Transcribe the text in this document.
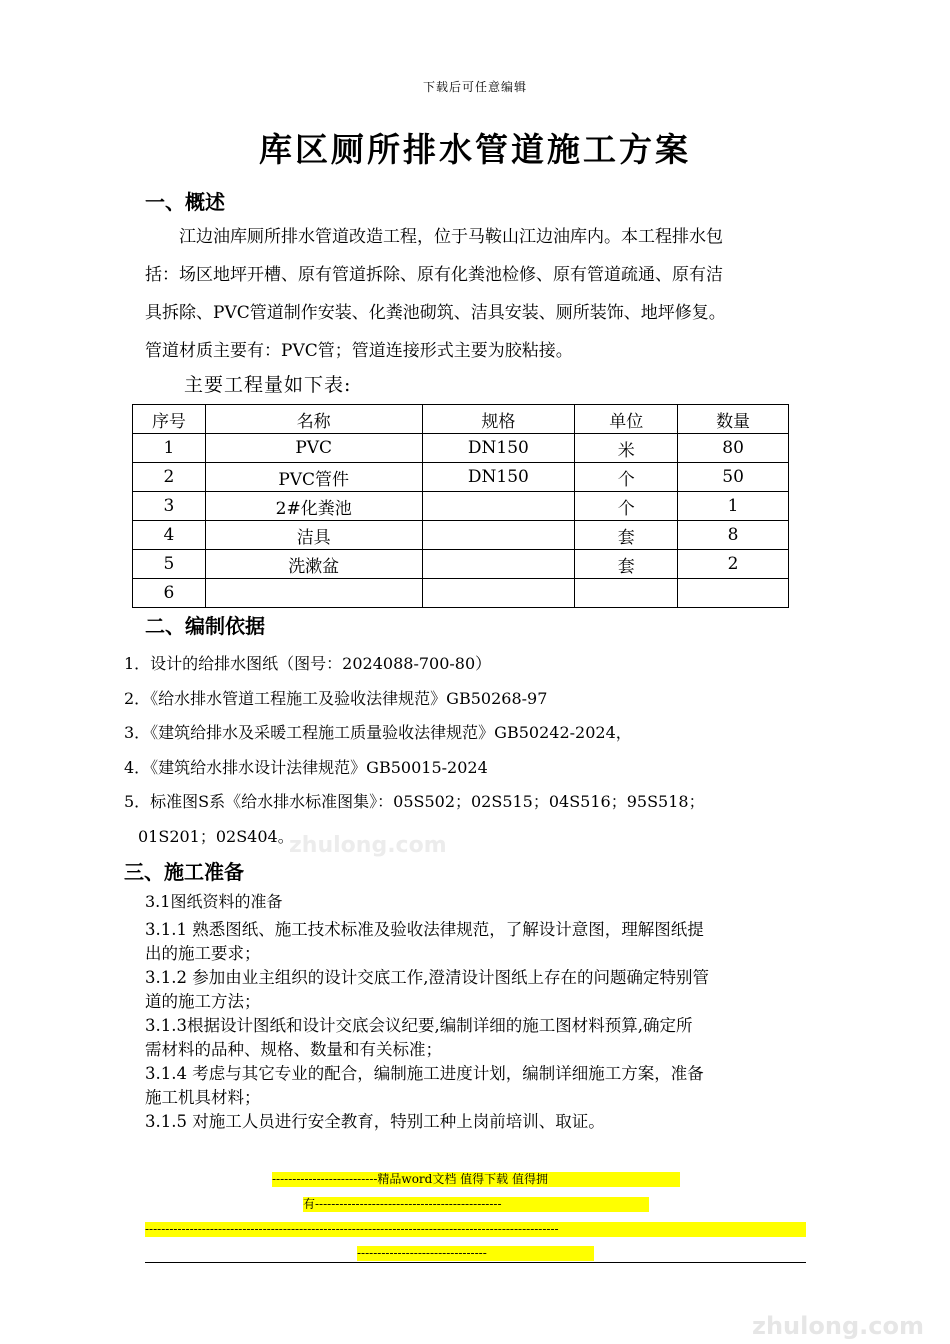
下载后可任意编辑
库区厕所排水管道施工方案
一、概述
江边油库厕所排水管道改造工程，位于马鞍山江边油库内。本工程排水包
括：场区地坪开槽、原有管道拆除、原有化粪池检修、原有管道疏通、原有洁
具拆除、PVC管道制作安装、化粪池砌筑、洁具安装、厕所装饰、地坪修复。
管道材质主要有：PVC管；管道连接形式主要为胶粘接。
主要工程量如下表:
序号	名称	规格	单位	数量
1	PVC	DN150	米	80
2	PVC管件	DN150	个	50
3	2#化粪池		个	1
4	洁具		套	8
5	洗漱盆		套	2
6				
二、编制依据
1．设计的给排水图纸（图号：2024088-700-80）
2．《给水排水管道工程施工及验收法律规范》GB50268-97
3．《建筑给排水及采暖工程施工质量验收法律规范》GB50242-2024，
4．《建筑给水排水设计法律规范》GB50015-2024
5．标准图S系《给水排水标准图集》：05S502；02S515；04S516；95S518；
01S201；02S404。
zhulong.com
三、施工准备
3.1图纸资料的准备
3.1.1 熟悉图纸、施工技术标准及验收法律规范，了解设计意图，理解图纸提
出的施工要求；
3.1.2 参加由业主组织的设计交底工作,澄清设计图纸上存在的问题确定特别管
道的施工方法；
3.1.3根据设计图纸和设计交底会议纪要,编制详细的施工图材料预算,确定所
需材料的品种、规格、数量和有关标准；
3.1.4 考虑与其它专业的配合，编制施工进度计划，编制详细施工方案，准备
施工机具材料；
3.1.5 对施工人员进行安全教育，特别工种上岗前培训、取证。
--------------------------精品word文档 值得下载 值得拥
有----------------------------------------------
------------------------------------------------------------------------------------------------------
--------------------------------
zhulong.com
